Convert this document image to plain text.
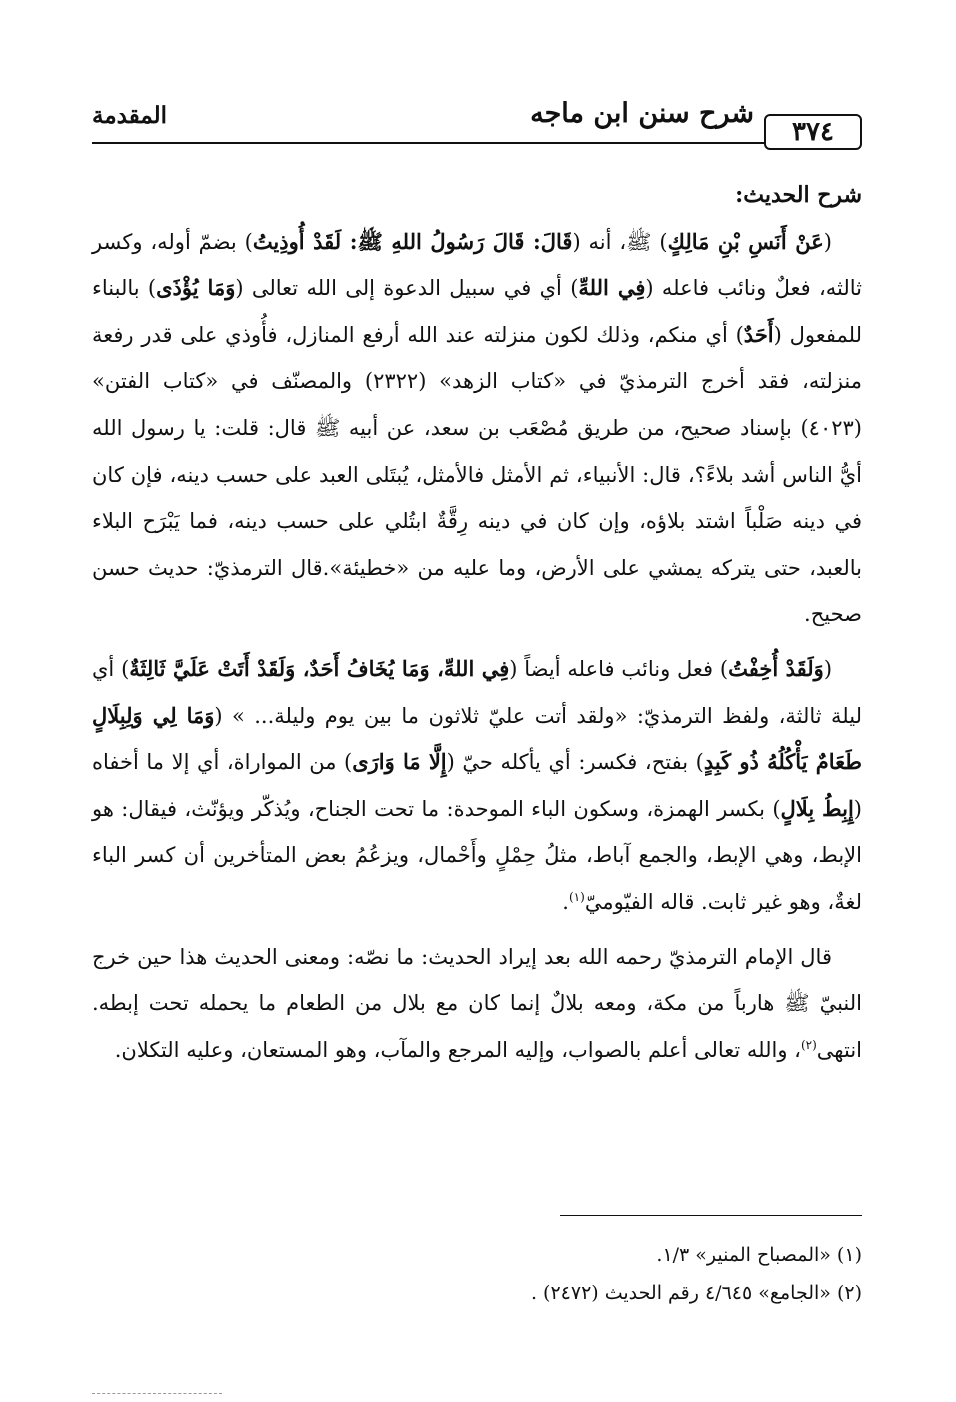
٣٧٤
شرح سنن ابن ماجه
المقدمة

شرح الحديث:

(عَنْ أَنَسِ بْنِ مَالِكٍ) ﷺ، أنه (قَالَ: قَالَ رَسُولُ اللهِ ﷺ: لَقَدْ أُوذِيتُ) بضمّ أوله، وكسر ثالثه، فعلٌ ونائب فاعله (فِي اللهِّ) أي في سبيل الدعوة إلى الله تعالى (وَمَا يُؤْذَى) بالبناء للمفعول (أَحَدٌ) أي منكم، وذلك لكون منزلته عند الله أرفع المنازل، فأُوذي على قدر رفعة منزلته، فقد أخرج الترمذيّ في «كتاب الزهد» (٢٣٢٢) والمصنّف في «كتاب الفتن» (٤٠٢٣) بإسناد صحيح، من طريق مُصْعَب بن سعد، عن أبيه ﷺ قال: قلت: يا رسول الله أيُّ الناس أشد بلاءً؟، قال: الأنبياء، ثم الأمثل فالأمثل، يُبتَلى العبد على حسب دينه، فإن كان في دينه صَلْباً اشتد بلاؤه، وإن كان في دينه رِقَّةٌ ابتُلي على حسب دينه، فما يَبْرَح البلاء بالعبد، حتى يتركه يمشي على الأرض، وما عليه من «خطيئة».قال الترمذيّ: حديث حسن صحيح.

(وَلَقَدْ أُخِفْتُ) فعل ونائب فاعله أيضاً (فِي اللهِّ، وَمَا يُخَافُ أَحَدٌ، وَلَقَدْ أَتَتْ عَلَيَّ ثَالِثَةٌ) أي ليلة ثالثة، ولفظ الترمذيّ: «ولقد أتت عليّ ثلاثون ما بين يوم وليلة... » (وَمَا لِي وَلِبِلَالٍ طَعَامٌ يَأْكُلُهُ ذُو كَبِدٍ) بفتح، فكسر: أي يأكله حيّ (إِلَّا مَا وَارَى) من المواراة، أي إلا ما أخفاه (إِبِطُ بِلَالٍ) بكسر الهمزة، وسكون الباء الموحدة: ما تحت الجناح، ويُذكّر ويؤنّث، فيقال: هو الإبط، وهي الإبط، والجمع آباط، مثلُ حِمْلٍ وأَحْمال، ويزعُمُ بعض المتأخرين أن كسر الباء لغةٌ، وهو غير ثابت. قاله الفيّوميّ$^{(١)}$.

قال الإمام الترمذيّ رحمه الله بعد إيراد الحديث: ما نصّه: ومعنى الحديث هذا حين خرج النبيّ ﷺ هارباً من مكة، ومعه بلالٌ إنما كان مع بلال من الطعام ما يحمله تحت إبطه. انتهى$^{(٢)}$، والله تعالى أعلم بالصواب، وإليه المرجع والمآب، وهو المستعان، وعليه التكلان.

(١) «المصباح المنير» ١/٣.

(٢) «الجامع» ٤/٦٤٥ رقم الحديث (٢٤٧٢) .
